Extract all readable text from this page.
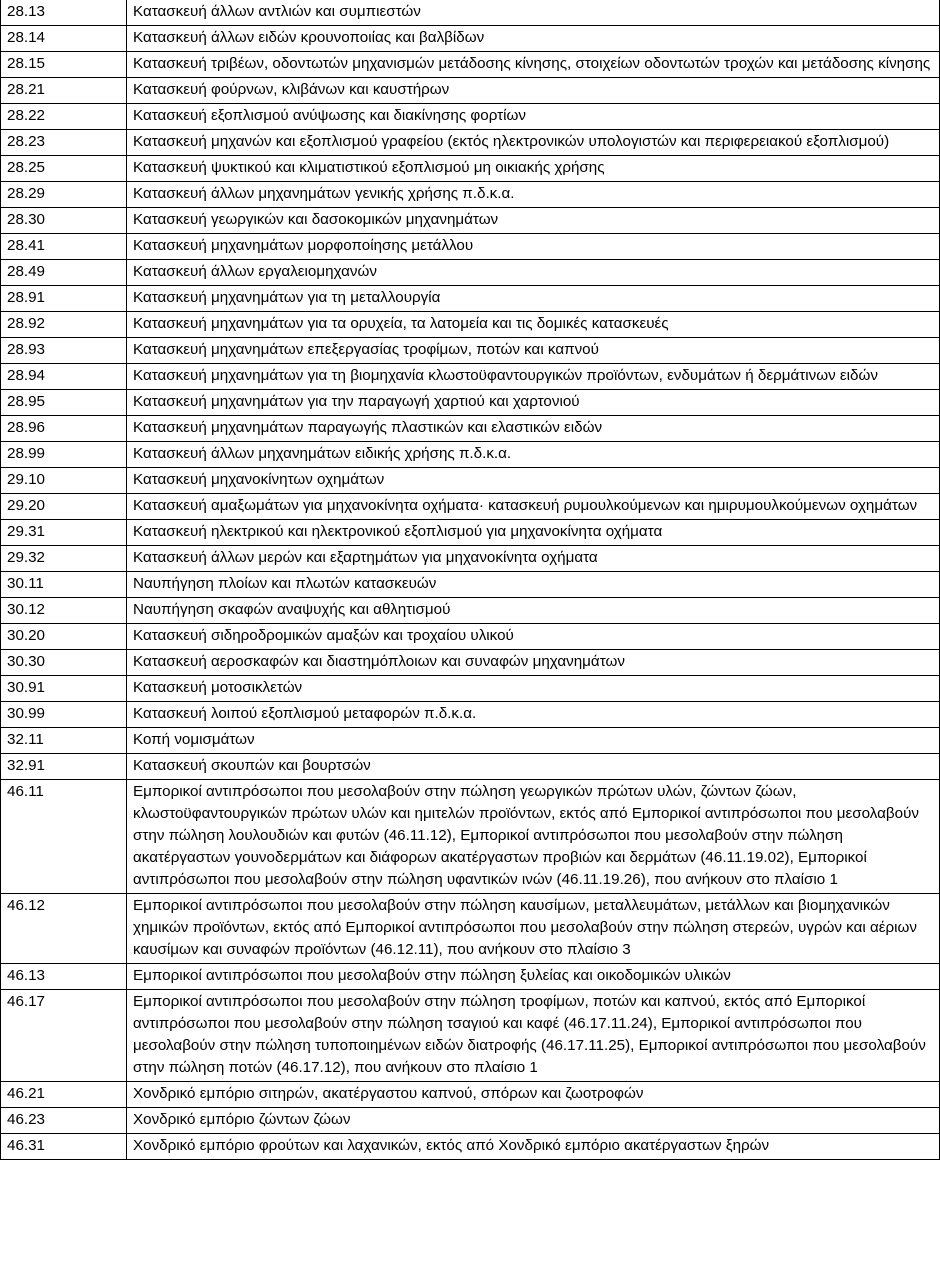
28.13	Κατασκευή άλλων αντλιών και συμπιεστών
28.14	Κατασκευή άλλων ειδών κρουνοποιίας και βαλβίδων
28.15	Κατασκευή τριβέων, οδοντωτών μηχανισμών μετάδοσης κίνησης, στοιχείων οδοντωτών τροχών και μετάδοσης κίνησης
28.21	Κατασκευή φούρνων, κλιβάνων και καυστήρων
28.22	Κατασκευή εξοπλισμού ανύψωσης και διακίνησης φορτίων
28.23	Κατασκευή μηχανών και εξοπλισμού γραφείου (εκτός ηλεκτρονικών υπολογιστών και περιφερειακού εξοπλισμού)
28.25	Κατασκευή ψυκτικού και κλιματιστικού εξοπλισμού μη οικιακής χρήσης
28.29	Κατασκευή άλλων μηχανημάτων γενικής χρήσης π.δ.κ.α.
28.30	Κατασκευή γεωργικών και δασοκομικών μηχανημάτων
28.41	Κατασκευή μηχανημάτων μορφοποίησης μετάλλου
28.49	Κατασκευή άλλων εργαλειομηχανών
28.91	Κατασκευή μηχανημάτων για τη μεταλλουργία
28.92	Κατασκευή μηχανημάτων για τα ορυχεία, τα λατομεία και τις δομικές κατασκευές
28.93	Κατασκευή μηχανημάτων επεξεργασίας τροφίμων, ποτών και καπνού
28.94	Κατασκευή μηχανημάτων για τη βιομηχανία κλωστοϋφαντουργικών προϊόντων, ενδυμάτων ή δερμάτινων ειδών
28.95	Κατασκευή μηχανημάτων για την παραγωγή χαρτιού και χαρτονιού
28.96	Κατασκευή μηχανημάτων παραγωγής πλαστικών και ελαστικών ειδών
28.99	Κατασκευή άλλων μηχανημάτων ειδικής χρήσης π.δ.κ.α.
29.10	Κατασκευή μηχανοκίνητων οχημάτων
29.20	Κατασκευή αμαξωμάτων για μηχανοκίνητα οχήματα· κατασκευή ρυμουλκούμενων και ημιρυμουλκούμενων οχημάτων
29.31	Κατασκευή ηλεκτρικού και ηλεκτρονικού εξοπλισμού για μηχανοκίνητα οχήματα
29.32	Κατασκευή άλλων μερών και εξαρτημάτων για μηχανοκίνητα οχήματα
30.11	Ναυπήγηση πλοίων και πλωτών κατασκευών
30.12	Ναυπήγηση σκαφών αναψυχής και αθλητισμού
30.20	Κατασκευή σιδηροδρομικών αμαξών και τροχαίου υλικού
30.30	Κατασκευή αεροσκαφών και διαστημόπλοιων και συναφών μηχανημάτων
30.91	Κατασκευή μοτοσικλετών
30.99	Κατασκευή λοιπού εξοπλισμού μεταφορών π.δ.κ.α.
32.11	Κοπή νομισμάτων
32.91	Κατασκευή σκουπών και βουρτσών
46.11	Εμπορικοί αντιπρόσωποι που μεσολαβούν στην πώληση γεωργικών πρώτων υλών, ζώντων ζώων, κλωστοϋφαντουργικών πρώτων υλών και ημιτελών προϊόντων, εκτός από Εμπορικοί αντιπρόσωποι που μεσολαβούν στην πώληση λουλουδιών και φυτών (46.11.12), Εμπορικοί αντιπρόσωποι που μεσολαβούν στην πώληση ακατέργαστων γουνοδερμάτων και διάφορων ακατέργαστων προβιών και δερμάτων (46.11.19.02), Εμπορικοί αντιπρόσωποι που μεσολαβούν στην πώληση υφαντικών ινών (46.11.19.26), που ανήκουν στο πλαίσιο 1
46.12	Εμπορικοί αντιπρόσωποι που μεσολαβούν στην πώληση καυσίμων, μεταλλευμάτων, μετάλλων και βιομηχανικών χημικών προϊόντων, εκτός από Εμπορικοί αντιπρόσωποι που μεσολαβούν στην πώληση στερεών, υγρών και αέριων καυσίμων και συναφών προϊόντων (46.12.11), που ανήκουν στο πλαίσιο 3
46.13	Εμπορικοί αντιπρόσωποι που μεσολαβούν στην πώληση ξυλείας και οικοδομικών υλικών
46.17	Εμπορικοί αντιπρόσωποι που μεσολαβούν στην πώληση τροφίμων, ποτών και καπνού, εκτός από Εμπορικοί αντιπρόσωποι που μεσολαβούν στην πώληση τσαγιού και καφέ (46.17.11.24), Εμπορικοί αντιπρόσωποι που μεσολαβούν στην πώληση τυποποιημένων ειδών διατροφής (46.17.11.25), Εμπορικοί αντιπρόσωποι που μεσολαβούν στην πώληση ποτών (46.17.12), που ανήκουν στο πλαίσιο 1
46.21	Χονδρικό εμπόριο σιτηρών, ακατέργαστου καπνού, σπόρων και ζωοτροφών
46.23	Χονδρικό εμπόριο ζώντων ζώων
46.31	Χονδρικό εμπόριο φρούτων και λαχανικών, εκτός από Χονδρικό εμπόριο ακατέργαστων ξηρών
